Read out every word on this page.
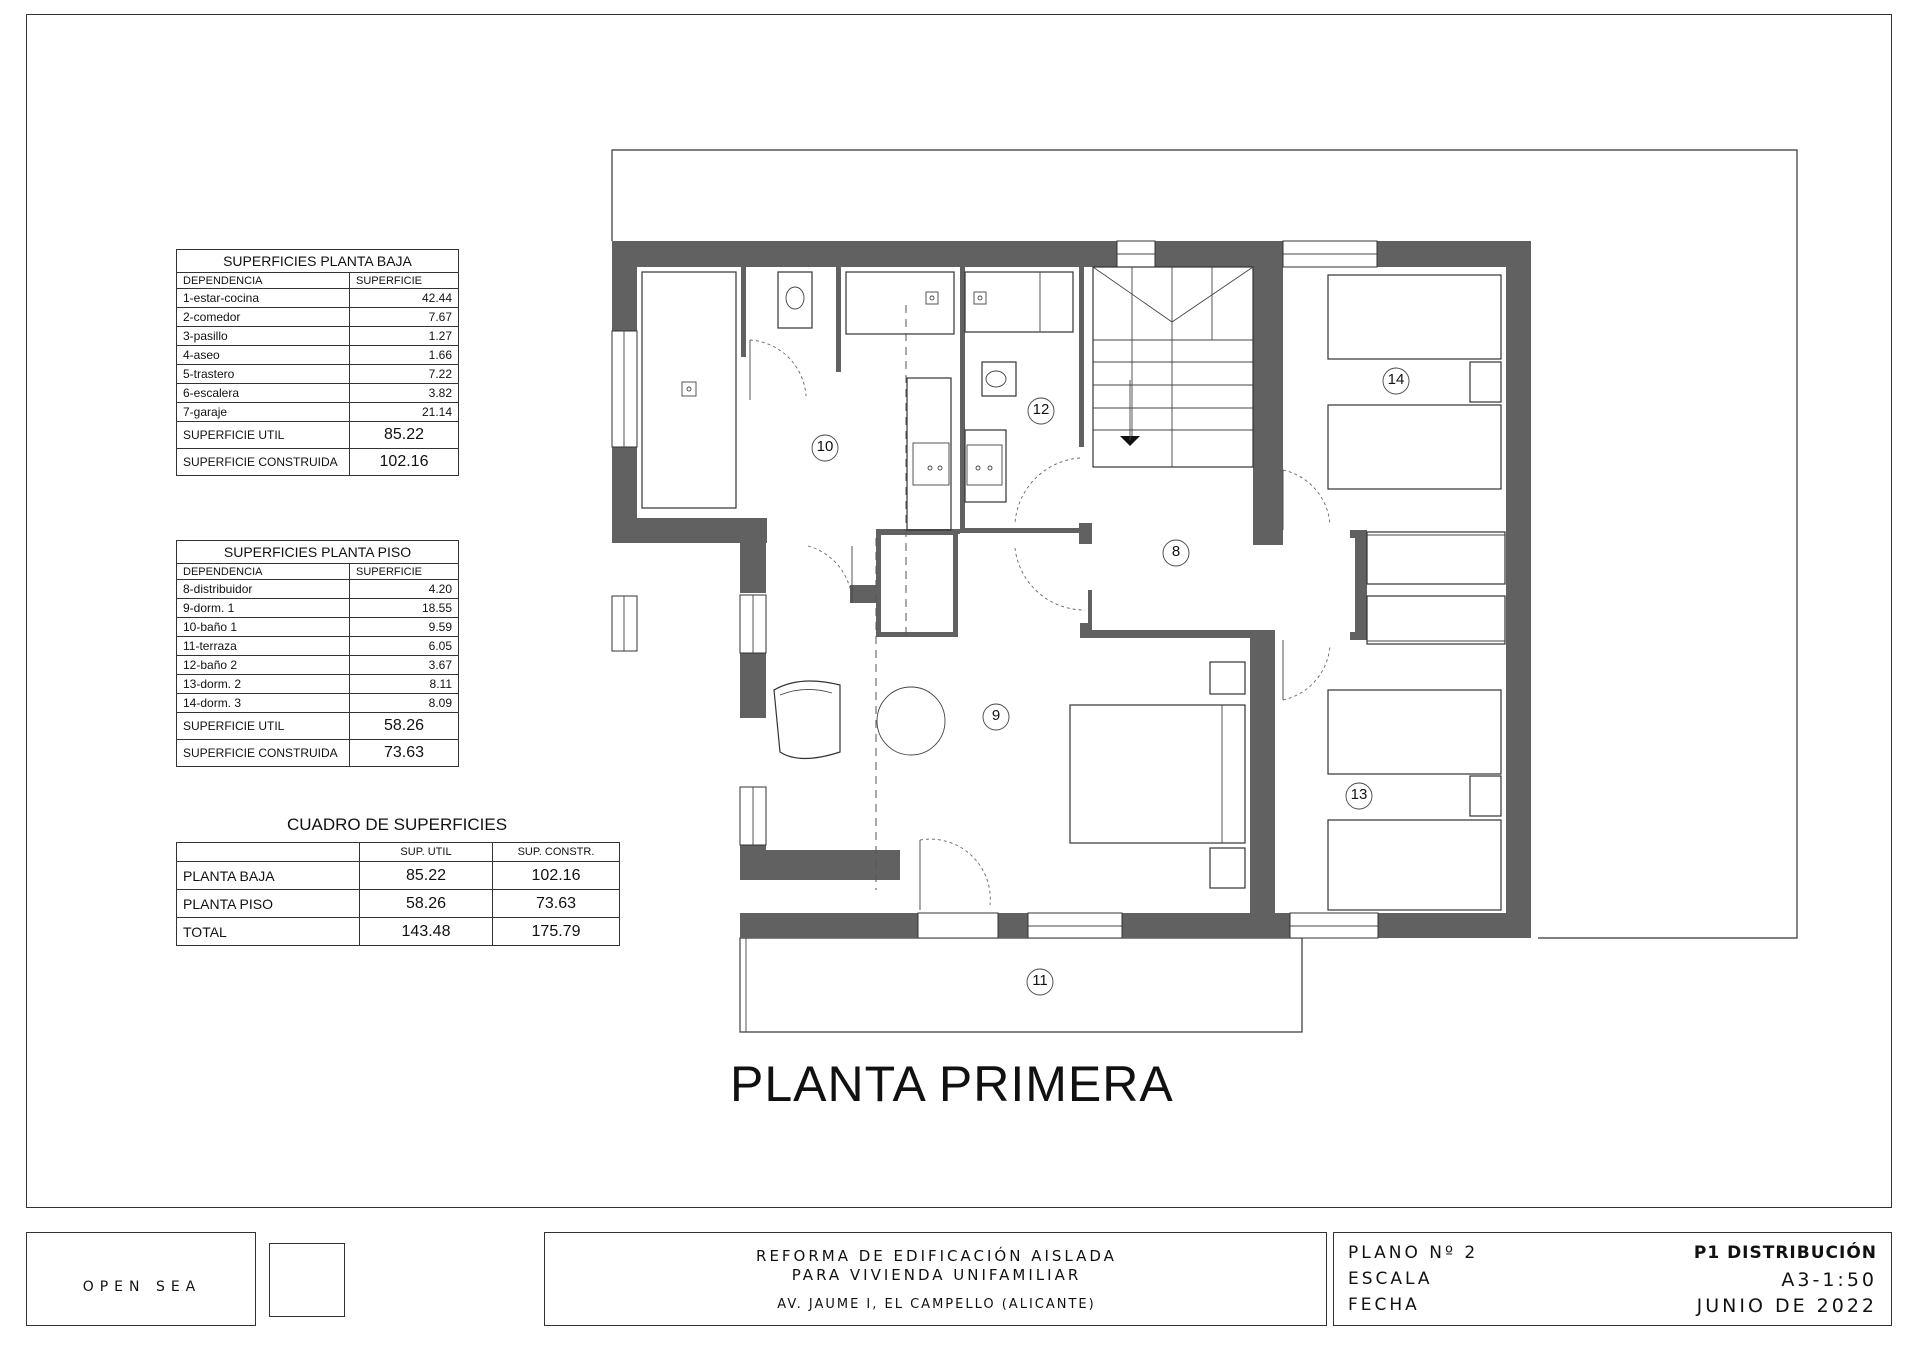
10
12
8
9
14
13
11
SUPERFICIES PLANTA BAJA	
DEPENDENCIA	SUPERFICIE
1-estar-cocina	42.44
2-comedor	7.67
3-pasillo	1.27
4-aseo	1.66
5-trastero	7.22
6-escalera	3.82
7-garaje	21.14
SUPERFICIE UTIL	85.22
SUPERFICIE CONSTRUIDA	102.16
SUPERFICIES PLANTA PISO	
DEPENDENCIA	SUPERFICIE
8-distribuidor	4.20
9-dorm. 1	18.55
10-baño 1	9.59
11-terraza	6.05
12-baño 2	3.67
13-dorm. 2	8.11
14-dorm. 3	8.09
SUPERFICIE UTIL	58.26
SUPERFICIE CONSTRUIDA	73.63
CUADRO DE SUPERFICIES
	SUP. UTIL	SUP. CONSTR.
PLANTA BAJA	85.22	102.16
PLANTA PISO	58.26	73.63
TOTAL	143.48	175.79
PLANTA PRIMERA
OPEN SEA
REFORMA DE EDIFICACIÓN AISLADA
PARA VIVIENDA UNIFAMILIAR
AV. JAUME I, EL CAMPELLO (ALICANTE)
PLANO Nº 2
ESCALA
FECHA
P1 DISTRIBUCIÓN
A3-1:50
JUNIO DE 2022
